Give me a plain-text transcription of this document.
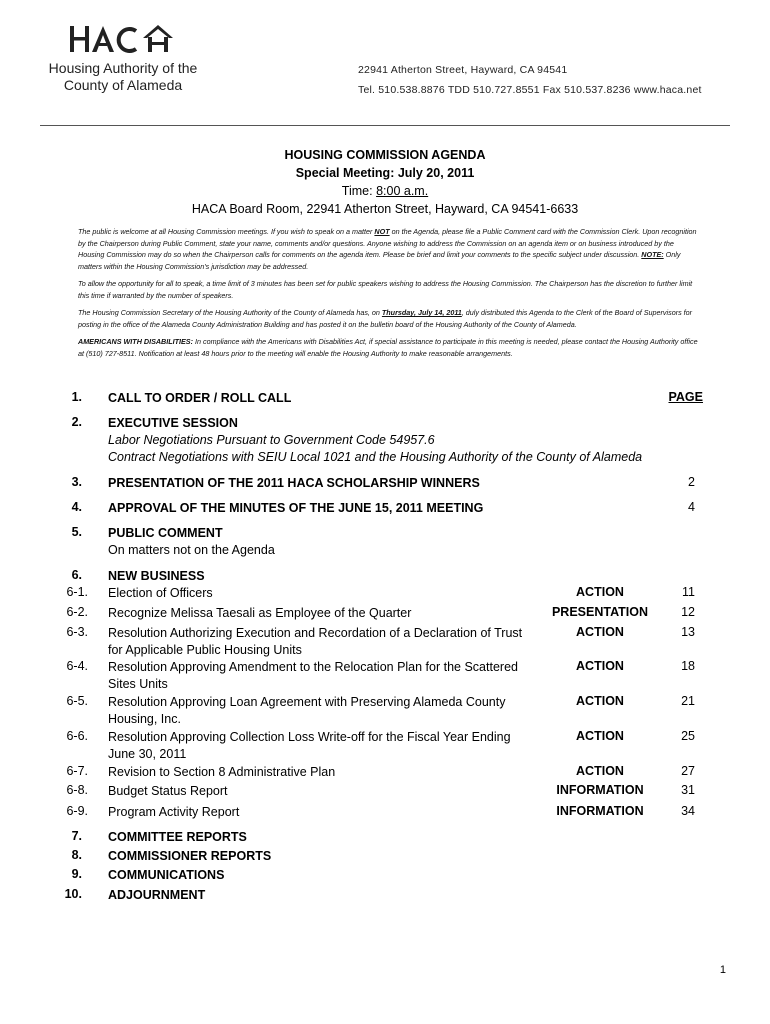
Housing Authority of the
County of Alameda
22941 Atherton Street, Hayward, CA 94541
Tel. 510.538.8876 TDD 510.727.8551 Fax 510.537.8236 www.haca.net
HOUSING COMMISSION AGENDA
Special Meeting: July 20, 2011
Time: 8:00 a.m.
HACA Board Room, 22941 Atherton Street, Hayward, CA 94541-6633

The public is welcome at all Housing Commission meetings. If you wish to speak on a matter NOT on the Agenda, please file a Public Comment card with the Commission Clerk. Upon recognition by the Chairperson during Public Comment, state your name, comments and/or questions. Anyone wishing to address the Commission on an agenda item or on business introduced by the Housing Commission may do so when the Chairperson calls for comments on the agenda item. Please be brief and limit your comments to the specific subject under discussion. NOTE: Only matters within the Housing Commission's jurisdiction may be addressed.

To allow the opportunity for all to speak, a time limit of 3 minutes has been set for public speakers wishing to address the Housing Commission. The Chairperson has the discretion to further limit this time if warranted by the number of speakers.

The Housing Commission Secretary of the Housing Authority of the County of Alameda has, on Thursday, July 14, 2011, duly distributed this Agenda to the Clerk of the Board of Supervisors for posting in the office of the Alameda County Administration Building and has posted it on the bulletin board of the Housing Authority of the County of Alameda.

AMERICANS WITH DISABILITIES: In compliance with the Americans with Disabilities Act, if special assistance to participate in this meeting is needed, please contact the Housing Authority office at (510) 727-8511. Notification at least 48 hours prior to the meeting will enable the Housing Authority to make reasonable arrangements.

1. CALL TO ORDER / ROLL CALL	PAGE
2. EXECUTIVE SESSION
Labor Negotiations Pursuant to Government Code 54957.6
Contract Negotiations with SEIU Local 1021 and the Housing Authority of the County of Alameda
3. PRESENTATION OF THE 2011 HACA SCHOLARSHIP WINNERS	2
4. APPROVAL OF THE MINUTES OF THE JUNE 15, 2011 MEETING	4
5. PUBLIC COMMENT
On matters not on the Agenda
6. NEW BUSINESS
6-1. Election of Officers	ACTION	11
6-2. Recognize Melissa Taesali as Employee of the Quarter	PRESENTATION	12
6-3. Resolution Authorizing Execution and Recordation of a Declaration of Trust for Applicable Public Housing Units
ACTION	13
6-4. Resolution Approving Amendment to the Relocation Plan for the Scattered Sites Units
ACTION	18
6-5. Resolution Approving Loan Agreement with Preserving Alameda County Housing, Inc.
ACTION	21
6-6. Resolution Approving Collection Loss Write-off for the Fiscal Year Ending June 30, 2011
ACTION	25
6-7. Revision to Section 8 Administrative Plan	ACTION	27
6-8. Budget Status Report	INFORMATION	31
6-9. Program Activity Report	INFORMATION	34
7. COMMITTEE REPORTS
8. COMMISSIONER REPORTS
9. COMMUNICATIONS
10. ADJOURNMENT
1
